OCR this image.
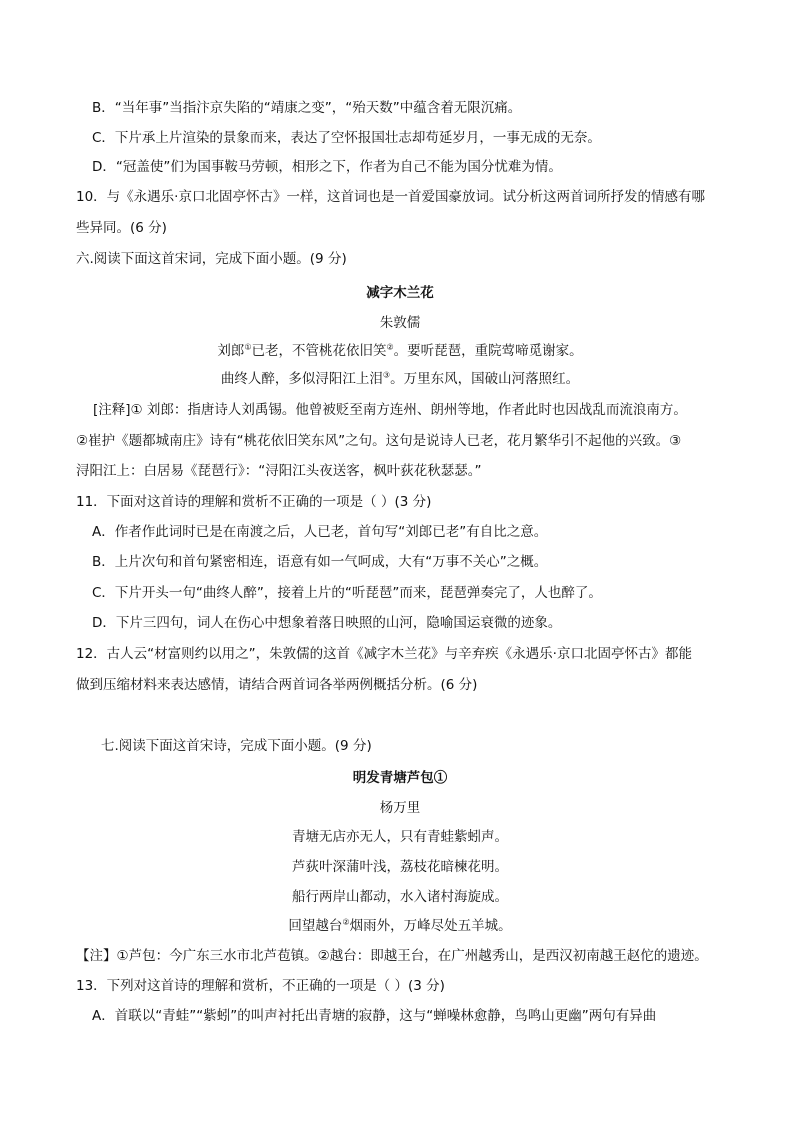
B．“当年事”当指汴京失陷的“靖康之变”，“殆天数”中蕴含着无限沉痛。
C．下片承上片渲染的景象而来，表达了空怀报国壮志却苟延岁月，一事无成的无奈。
D．“冠盖使”们为国事鞍马劳顿，相形之下，作者为自己不能为国分忧难为情。
10．与《永遇乐·京口北固亭怀古》一样，这首词也是一首爱国豪放词。试分析这两首词所抒发的情感有哪
些异同。(6 分)
六.阅读下面这首宋词，完成下面小题。(9 分)
减字木兰花
朱敦儒
刘郎①已老，不管桃花依旧笑②。要听琵琶，重院莺啼觅谢家。
曲终人醉，多似浔阳江上泪③。万里东风，国破山河落照红。
[注释]① 刘郎：指唐诗人刘禹锡。他曾被贬至南方连州、朗州等地，作者此时也因战乱而流浪南方。
②崔护《题都城南庄》诗有“桃花依旧笑东风”之句。这句是说诗人已老，花月繁华引不起他的兴致。③
浔阳江上：白居易《琵琶行》：“浔阳江头夜送客，枫叶荻花秋瑟瑟。”
11．下面对这首诗的理解和赏析不正确的一项是（ ）(3 分)
A．作者作此词时已是在南渡之后，人已老，首句写“刘郎已老”有自比之意。
B．上片次句和首句紧密相连，语意有如一气呵成，大有“万事不关心”之概。
C．下片开头一句“曲终人醉”，接着上片的“听琵琶”而来，琵琶弹奏完了，人也醉了。
D．下片三四句，词人在伤心中想象着落日映照的山河，隐喻国运衰微的迹象。
12．古人云“材富则约以用之”，朱敦儒的这首《减字木兰花》与辛弃疾《永遇乐·京口北固亭怀古》都能
做到压缩材料来表达感情，请结合两首词各举两例概括分析。(6 分)
七.阅读下面这首宋诗，完成下面小题。(9 分)
明发青塘芦包①
杨万里
青塘无店亦无人，只有青蛙紫蚓声。
芦荻叶深蒲叶浅，荔枝花暗楝花明。
船行两岸山都动，水入诸村海旋成。
回望越台②烟雨外，万峰尽处五羊城。
【注】①芦包：今广东三水市北芦苞镇。②越台：即越王台，在广州越秀山，是西汉初南越王赵佗的遗迹。
13．下列对这首诗的理解和赏析，不正确的一项是（ ）(3 分)
A．首联以“青蛙”“紫蚓”的叫声衬托出青塘的寂静，这与“蝉噪林愈静，鸟鸣山更幽”两句有异曲
